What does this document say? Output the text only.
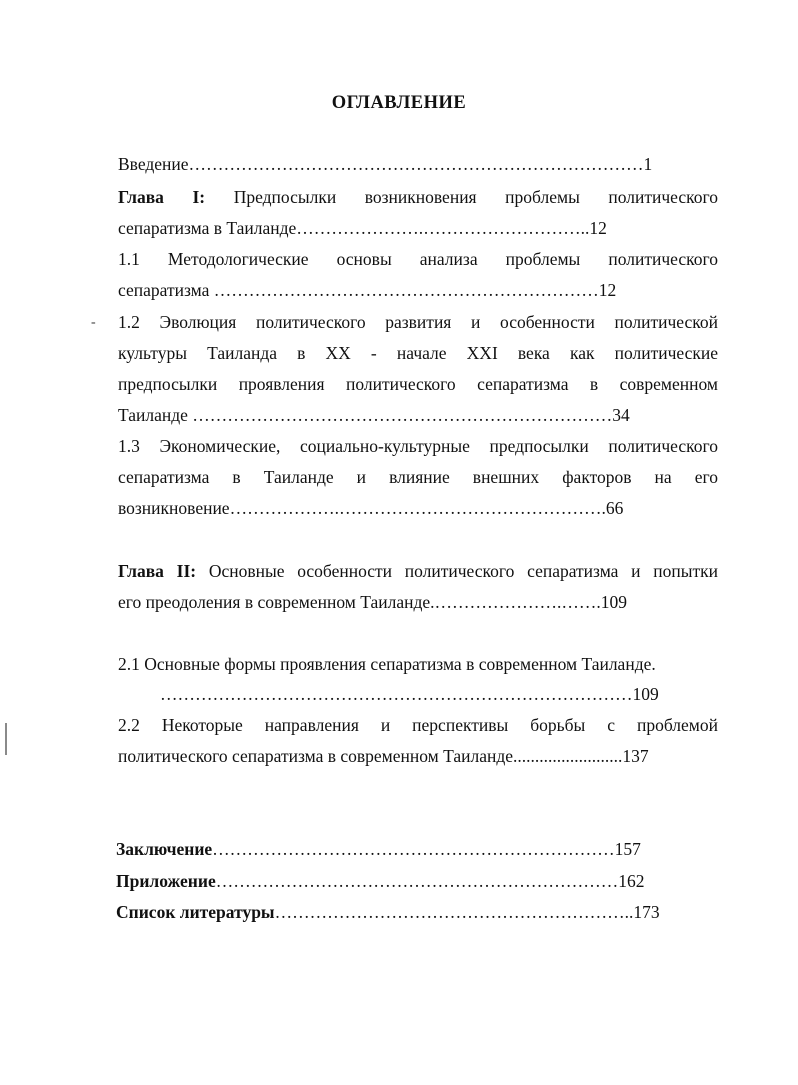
ОГЛАВЛЕНИЕ
Введение……………………………………………………………………1
Глава I: Предпосылки возникновения проблемы политического
сепаратизма в Таиланде………………….………………………..12
1.1 Методологические основы анализа проблемы политического
сепаратизма …………………………………………………………12
- 1.2 Эволюция политического развития и особенности политической
культуры Таиланда в XX - начале XXI века как политические
предпосылки проявления политического сепаратизма в современном
Таиланде ………………………………………………………………34
1.3 Экономические, социально-культурные предпосылки политического
сепаратизма в Таиланде и влияние внешних факторов на его
возникновение……………….……………………………………….66
Глава II: Основные особенности политического сепаратизма и попытки
его преодоления в современном Таиланде.………………….…….109
2.1 Основные формы проявления сепаратизма в современном Таиланде.
………………………………………………………………………109
2.2 Некоторые направления и перспективы борьбы с проблемой
политического сепаратизма в современном Таиланде.........................137
Заключение……………………………………………………………157
Приложение……………………………………………………………162
Список литературы……………………………………………………..173
